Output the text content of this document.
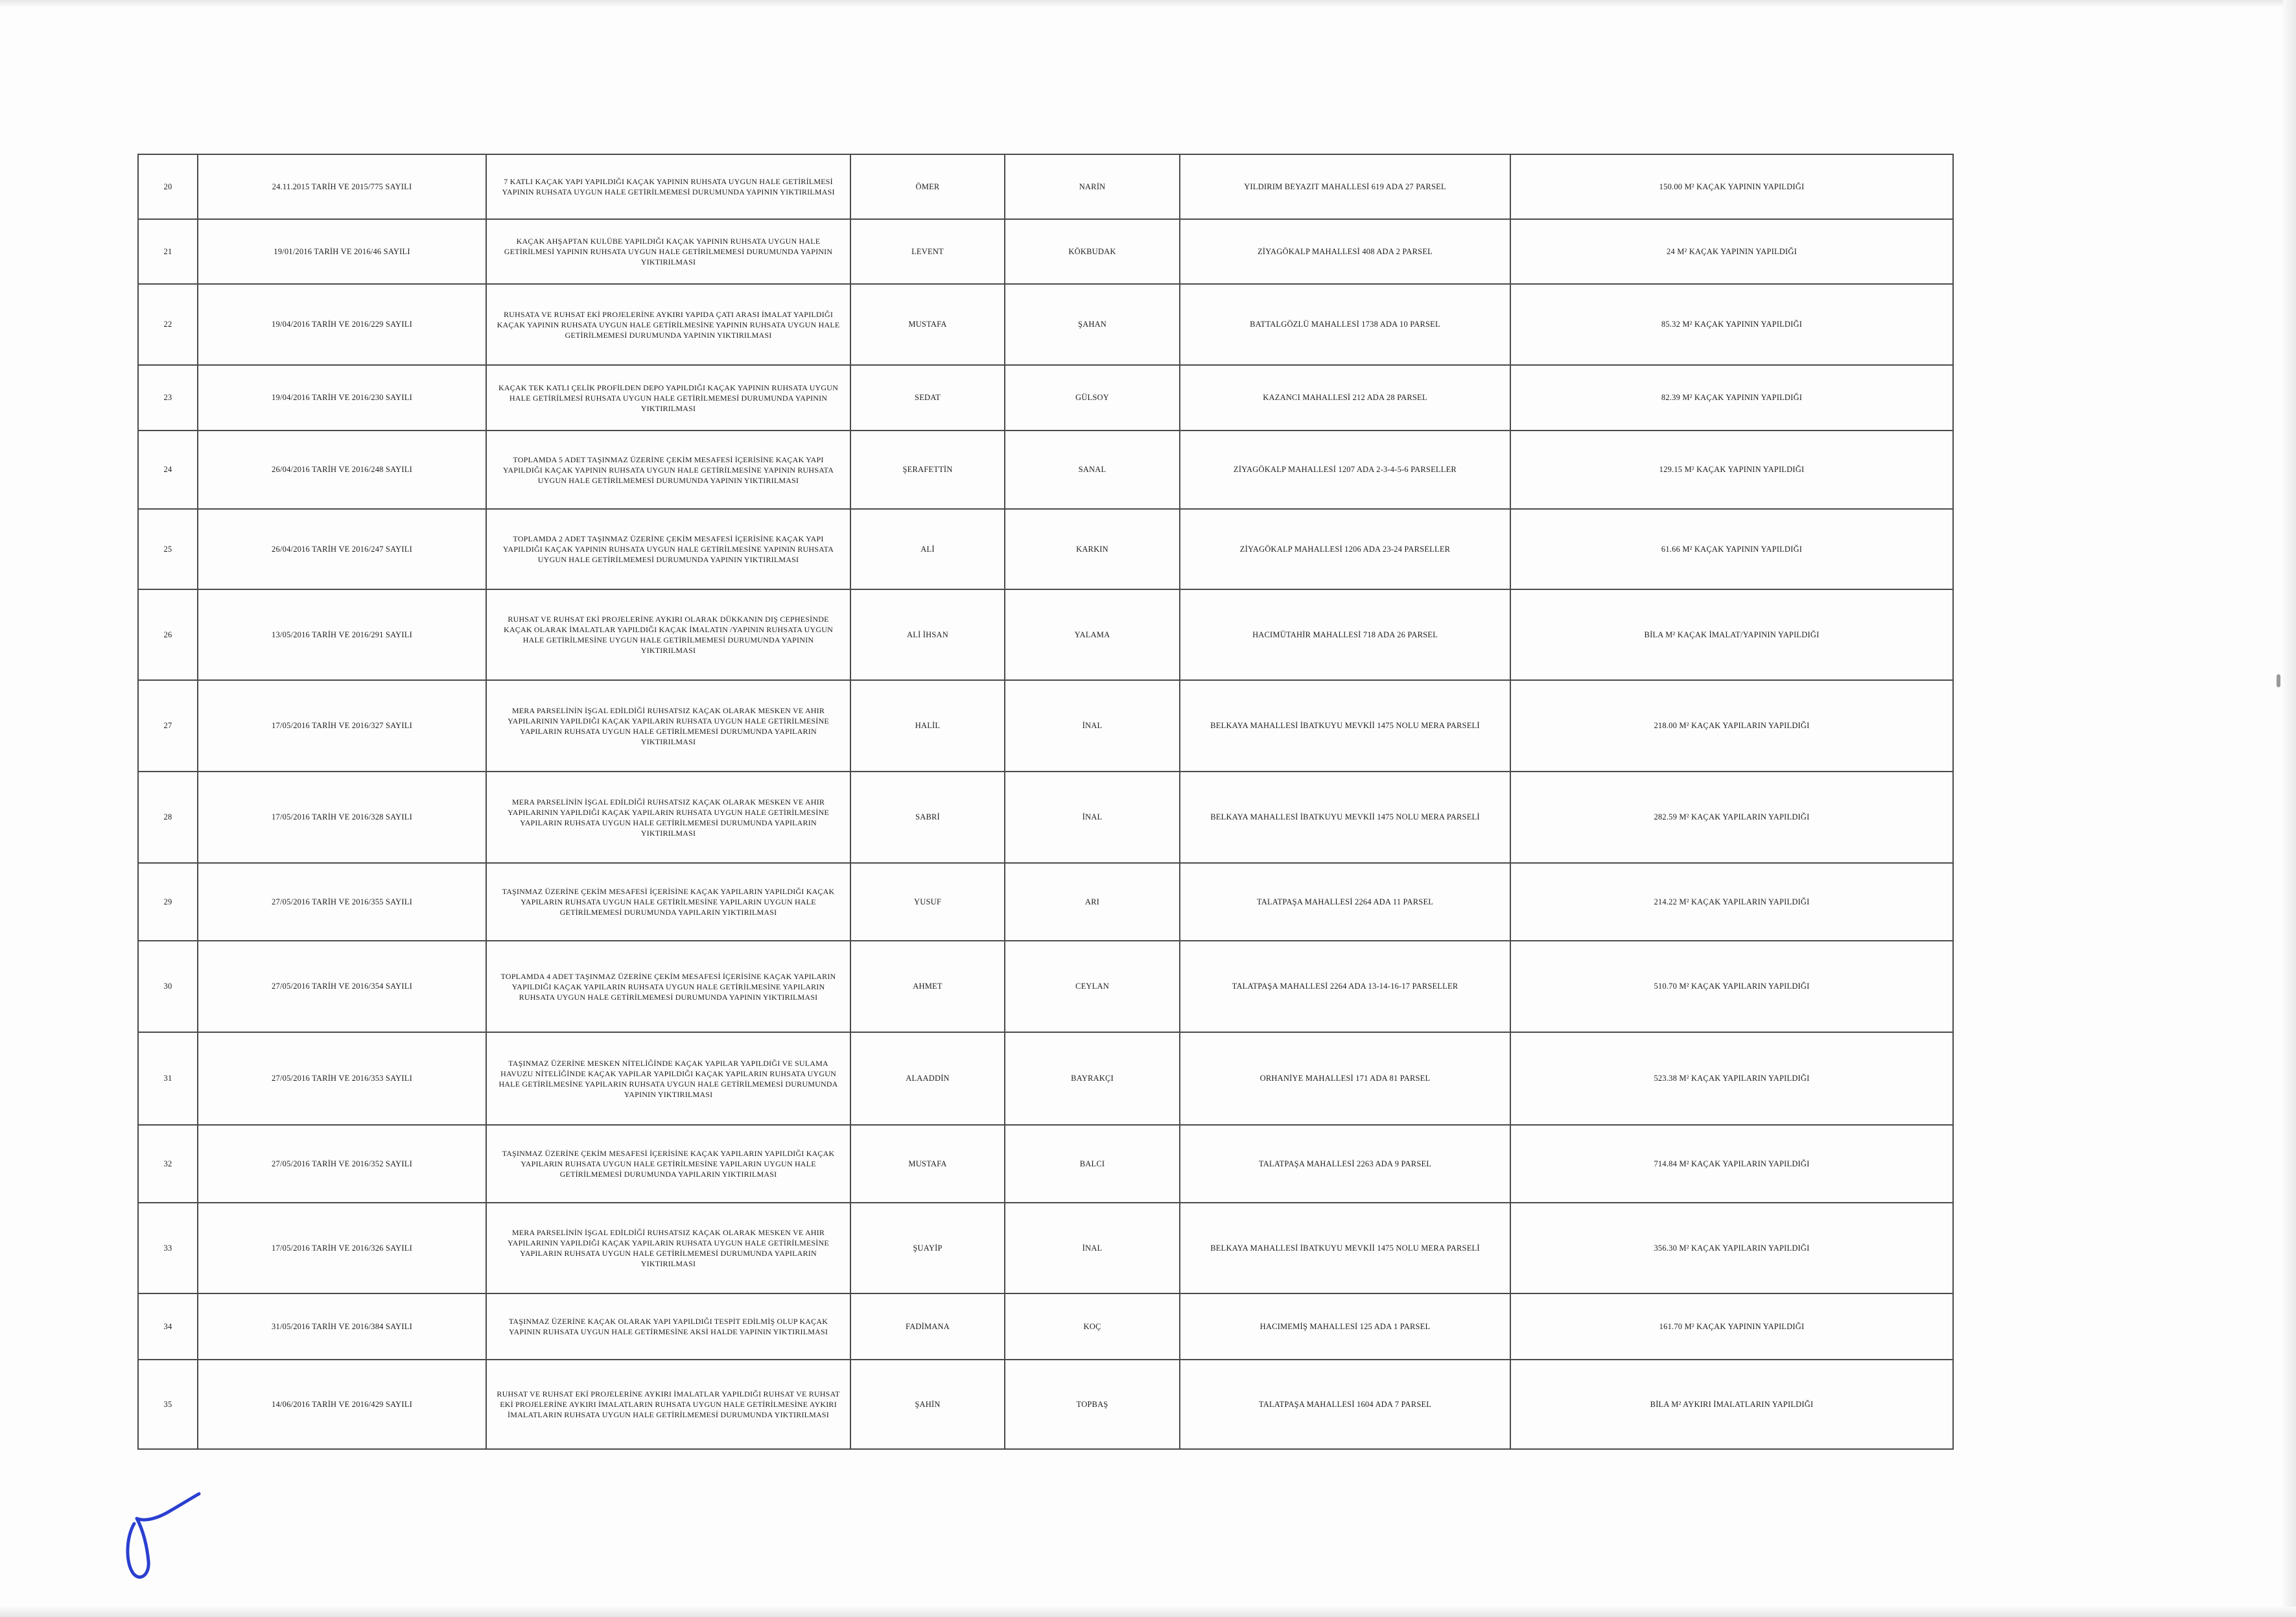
20	24.11.2015 TARİH VE 2015/775 SAYILI	7 KATLI KAÇAK YAPI YAPILDIĞI KAÇAK YAPININ RUHSATA UYGUN HALE GETİRİLMESİ YAPININ RUHSATA UYGUN HALE GETİRİLMEMESİ DURUMUNDA YAPININ YIKTIRILMASI	ÖMER	NARİN	YILDIRIM BEYAZIT MAHALLESİ 619 ADA 27 PARSEL	150.00 M² KAÇAK YAPININ YAPILDIĞI
21	19/01/2016 TARİH VE 2016/46 SAYILI	KAÇAK AHŞAPTAN KULÜBE YAPILDIĞI KAÇAK YAPININ RUHSATA UYGUN HALE GETİRİLMESİ YAPININ RUHSATA UYGUN HALE GETİRİLMEMESİ DURUMUNDA YAPININ YIKTIRILMASI	LEVENT	KÖKBUDAK	ZİYAGÖKALP MAHALLESİ 408 ADA 2 PARSEL	24 M² KAÇAK YAPININ YAPILDIĞI
22	19/04/2016 TARİH VE 2016/229 SAYILI	RUHSATA VE RUHSAT EKİ PROJELERİNE AYKIRI YAPIDA ÇATI ARASI İMALAT YAPILDIĞI KAÇAK YAPININ RUHSATA UYGUN HALE GETİRİLMESİNE YAPININ RUHSATA UYGUN HALE GETİRİLMEMESİ DURUMUNDA YAPININ YIKTIRILMASI	MUSTAFA	ŞAHAN	BATTALGÖZLÜ MAHALLESİ 1738 ADA 10 PARSEL	85.32 M² KAÇAK YAPININ YAPILDIĞI
23	19/04/2016 TARİH VE 2016/230 SAYILI	KAÇAK TEK KATLI ÇELİK PROFİLDEN DEPO YAPILDIĞI KAÇAK YAPININ RUHSATA UYGUN HALE GETİRİLMESİ RUHSATA UYGUN HALE GETİRİLMEMESİ DURUMUNDA YAPININ YIKTIRILMASI	SEDAT	GÜLSOY	KAZANCI MAHALLESİ 212 ADA 28 PARSEL	82.39 M² KAÇAK YAPININ YAPILDIĞI
24	26/04/2016 TARİH VE 2016/248 SAYILI	TOPLAMDA 5 ADET TAŞINMAZ ÜZERİNE ÇEKİM MESAFESİ İÇERİSİNE KAÇAK YAPI YAPILDIĞI KAÇAK YAPININ RUHSATA UYGUN HALE GETİRİLMESİNE YAPININ RUHSATA UYGUN HALE GETİRİLMEMESİ DURUMUNDA YAPININ YIKTIRILMASI	ŞERAFETTİN	SANAL	ZİYAGÖKALP MAHALLESİ 1207 ADA 2-3-4-5-6 PARSELLER	129.15 M² KAÇAK YAPININ YAPILDIĞI
25	26/04/2016 TARİH VE 2016/247 SAYILI	TOPLAMDA 2 ADET TAŞINMAZ ÜZERİNE ÇEKİM MESAFESİ İÇERİSİNE KAÇAK YAPI YAPILDIĞI KAÇAK YAPININ RUHSATA UYGUN HALE GETİRİLMESİNE YAPININ RUHSATA UYGUN HALE GETİRİLMEMESİ DURUMUNDA YAPININ YIKTIRILMASI	ALİ	KARKIN	ZİYAGÖKALP MAHALLESİ 1206 ADA 23-24 PARSELLER	61.66 M² KAÇAK YAPININ YAPILDIĞI
26	13/05/2016 TARİH VE 2016/291 SAYILI	RUHSAT VE RUHSAT EKİ PROJELERİNE AYKIRI OLARAK DÜKKANIN DIŞ CEPHESİNDE KAÇAK OLARAK İMALATLAR YAPILDIĞI KAÇAK İMALATIN /YAPININ RUHSATA UYGUN HALE GETİRİLMESİNE UYGUN HALE GETİRİLMEMESİ DURUMUNDA YAPININ YIKTIRILMASI	ALİ İHSAN	YALAMA	HACIMÜTAHİR MAHALLESİ 718 ADA 26 PARSEL	BİLA M² KAÇAK İMALAT/YAPININ YAPILDIĞI
27	17/05/2016 TARİH VE 2016/327 SAYILI	MERA PARSELİNİN İŞGAL EDİLDİĞİ RUHSATSIZ KAÇAK OLARAK MESKEN VE AHIR YAPILARININ YAPILDIĞI KAÇAK YAPILARIN RUHSATA UYGUN HALE GETİRİLMESİNE YAPILARIN RUHSATA UYGUN HALE GETİRİLMEMESİ DURUMUNDA YAPILARIN YIKTIRILMASI	HALİL	İNAL	BELKAYA MAHALLESİ İBATKUYU MEVKİİ 1475 NOLU MERA PARSELİ	218.00 M² KAÇAK YAPILARIN YAPILDIĞI
28	17/05/2016 TARİH VE 2016/328 SAYILI	MERA PARSELİNİN İŞGAL EDİLDİĞİ RUHSATSIZ KAÇAK OLARAK MESKEN VE AHIR YAPILARININ YAPILDIĞI KAÇAK YAPILARIN RUHSATA UYGUN HALE GETİRİLMESİNE YAPILARIN RUHSATA UYGUN HALE GETİRİLMEMESİ DURUMUNDA YAPILARIN YIKTIRILMASI	SABRİ	İNAL	BELKAYA MAHALLESİ İBATKUYU MEVKİİ 1475 NOLU MERA PARSELİ	282.59 M² KAÇAK YAPILARIN YAPILDIĞI
29	27/05/2016 TARİH VE 2016/355 SAYILI	TAŞINMAZ ÜZERİNE ÇEKİM MESAFESİ İÇERİSİNE KAÇAK YAPILARIN YAPILDIĞI KAÇAK YAPILARIN RUHSATA UYGUN HALE GETİRİLMESİNE YAPILARIN UYGUN HALE GETİRİLMEMESİ DURUMUNDA YAPILARIN YIKTIRILMASI	YUSUF	ARI	TALATPAŞA MAHALLESİ 2264 ADA 11 PARSEL	214.22 M² KAÇAK YAPILARIN YAPILDIĞI
30	27/05/2016 TARİH VE 2016/354 SAYILI	TOPLAMDA 4 ADET TAŞINMAZ ÜZERİNE ÇEKİM MESAFESİ İÇERİSİNE KAÇAK YAPILARIN YAPILDIĞI KAÇAK YAPILARIN RUHSATA UYGUN HALE GETİRİLMESİNE YAPILARIN RUHSATA UYGUN HALE GETİRİLMEMESİ DURUMUNDA YAPININ YIKTIRILMASI	AHMET	CEYLAN	TALATPAŞA MAHALLESİ 2264 ADA 13-14-16-17 PARSELLER	510.70 M² KAÇAK YAPILARIN YAPILDIĞI
31	27/05/2016 TARİH VE 2016/353 SAYILI	TAŞINMAZ ÜZERİNE MESKEN NİTELİĞİNDE KAÇAK YAPILAR YAPILDIĞI VE SULAMA HAVUZU NİTELİĞİNDE KAÇAK YAPILAR YAPILDIĞI KAÇAK YAPILARIN RUHSATA UYGUN HALE GETİRİLMESİNE YAPILARIN RUHSATA UYGUN HALE GETİRİLMEMESİ DURUMUNDA YAPININ YIKTIRILMASI	ALAADDİN	BAYRAKÇI	ORHANİYE MAHALLESİ 171 ADA 81 PARSEL	523.38 M² KAÇAK YAPILARIN YAPILDIĞI
32	27/05/2016 TARİH VE 2016/352 SAYILI	TAŞINMAZ ÜZERİNE ÇEKİM MESAFESİ İÇERİSİNE KAÇAK YAPILARIN YAPILDIĞI KAÇAK YAPILARIN RUHSATA UYGUN HALE GETİRİLMESİNE YAPILARIN UYGUN HALE GETİRİLMEMESİ DURUMUNDA YAPILARIN YIKTIRILMASI	MUSTAFA	BALCI	TALATPAŞA MAHALLESİ 2263 ADA 9 PARSEL	714.84 M² KAÇAK YAPILARIN YAPILDIĞI
33	17/05/2016 TARİH VE 2016/326 SAYILI	MERA PARSELİNİN İŞGAL EDİLDİĞİ RUHSATSIZ KAÇAK OLARAK MESKEN VE AHIR YAPILARININ YAPILDIĞI KAÇAK YAPILARIN RUHSATA UYGUN HALE GETİRİLMESİNE YAPILARIN RUHSATA UYGUN HALE GETİRİLMEMESİ DURUMUNDA YAPILARIN YIKTIRILMASI	ŞUAYİP	İNAL	BELKAYA MAHALLESİ İBATKUYU MEVKİİ 1475 NOLU MERA PARSELİ	356.30 M² KAÇAK YAPILARIN YAPILDIĞI
34	31/05/2016 TARİH VE 2016/384 SAYILI	TAŞINMAZ ÜZERİNE KAÇAK OLARAK YAPI YAPILDIĞI TESPİT EDİLMİŞ OLUP KAÇAK YAPININ RUHSATA UYGUN HALE GETİRMESİNE AKSİ HALDE YAPININ YIKTIRILMASI	FADİMANA	KOÇ	HACIMEMİŞ MAHALLESİ 125 ADA 1 PARSEL	161.70 M² KAÇAK YAPININ YAPILDIĞI
35	14/06/2016 TARİH VE 2016/429 SAYILI	RUHSAT VE RUHSAT EKİ PROJELERİNE AYKIRI İMALATLAR YAPILDIĞI RUHSAT VE RUHSAT EKİ PROJELERİNE AYKIRI İMALATLARIN RUHSATA UYGUN HALE GETİRİLMESİNE AYKIRI İMALATLARIN RUHSATA UYGUN HALE GETİRİLMEMESİ DURUMUNDA YIKTIRILMASI	ŞAHİN	TOPBAŞ	TALATPAŞA MAHALLESİ 1604 ADA 7 PARSEL	BİLA M² AYKIRI İMALATLARIN YAPILDIĞI
